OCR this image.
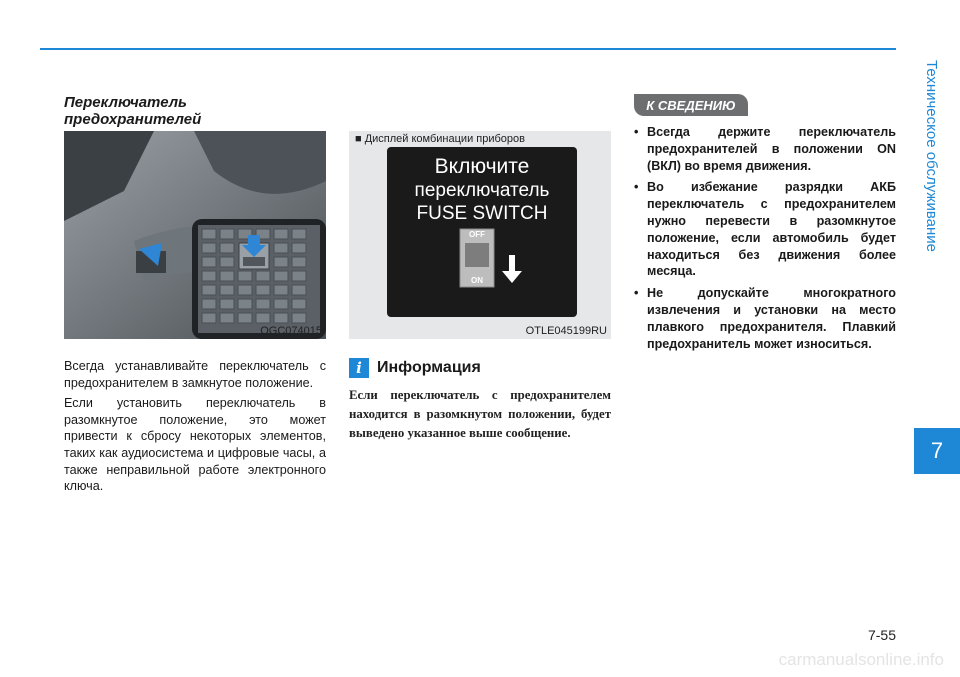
Техническое обслуживание
7
Переключатель предохранителей
OGC074015

Всегда устанавливайте переключатель с предохранителем в замкнутое положение.

Если установить переключатель в разомкнутое положение, это может привести к сбросу некоторых элементов, таких как аудиосистема и цифровые часы, а также неправильной работе электронного ключа.

■ Дисплей комбинации приборов
Включите
переключатель
FUSE SWITCH
OFF
ON
OTLE045199RU
i Информация
Если переключатель с предохранителем находится в разомкнутом положении, будет выведено указанное выше сообщение.
К СВЕДЕНИЮ
• Всегда держите переключатель предохранителей в положении ON (ВКЛ) во время движения.
• Во избежание разрядки АКБ переключатель с предохранителем нужно перевести в разомкнутое положение, если автомобиль будет находиться без движения более месяца.
• Не допускайте многократного извлечения и установки на место плавкого предохранителя. Плавкий предохранитель может износиться.
7-55
carmanualsonline.info
